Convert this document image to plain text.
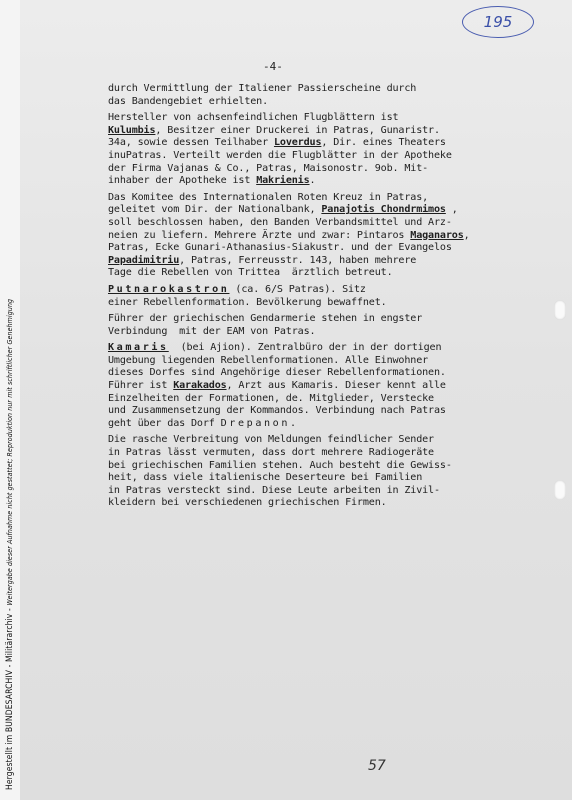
Hergestellt im BUNDESARCHIV - Militärarchiv - Weitergabe dieser Aufnahme nicht gestattet; Reproduktion nur mit schriftlicher Genehmigung
195
-4-
durch Vermittlung der Italiener Passierscheine durch
das Bandengebiet erhielten.
Hersteller von achsenfeindlichen Flugblättern ist
Kulumbis, Besitzer einer Druckerei in Patras, Gunaristr.
34a, sowie dessen Teilhaber Loverdus, Dir. eines Theaters
inuPatras. Verteilt werden die Flugblätter in der Apotheke
der Firma Vajanas & Co., Patras, Maisonostr. 9ob. Mit-
inhaber der Apotheke ist Makrienis.
Das Komitee des Internationalen Roten Kreuz in Patras,
geleitet vom Dir. der Nationalbank, Panajotis Chondrmimos ,
soll beschlossen haben, den Banden Verbandsmittel und Arz-
neien zu liefern. Mehrere Ärzte und zwar: Pintaros Maganaros,
Patras, Ecke Gunari-Athanasius-Siakustr. und der Evangelos
Papadimitriu, Patras, Ferreusstr. 143, haben mehrere
Tage die Rebellen von Trittea  ärztlich betreut.
Putnarokastron (ca. 6/S Patras). Sitz
einer Rebellenformation. Bevölkerung bewaffnet.
Führer der griechischen Gendarmerie stehen in engster
Verbindung  mit der EAM von Patras.
Kamaris  (bei Ajion). Zentralbüro der in der dortigen
Umgebung liegenden Rebellenformationen. Alle Einwohner
dieses Dorfes sind Angehörige dieser Rebellenformationen.
Führer ist Karakados, Arzt aus Kamaris. Dieser kennt alle
Einzelheiten der Formationen, de. Mitglieder, Verstecke
und Zusammensetzung der Kommandos. Verbindung nach Patras
geht über das Dorf Drepanon.
Die rasche Verbreitung von Meldungen feindlicher Sender
in Patras lässt vermuten, dass dort mehrere Radiogeräte
bei griechischen Familien stehen. Auch besteht die Gewiss-
heit, dass viele italienische Deserteure bei Familien
in Patras versteckt sind. Diese Leute arbeiten in Zivil-
kleidern bei verschiedenen griechischen Firmen.
57
